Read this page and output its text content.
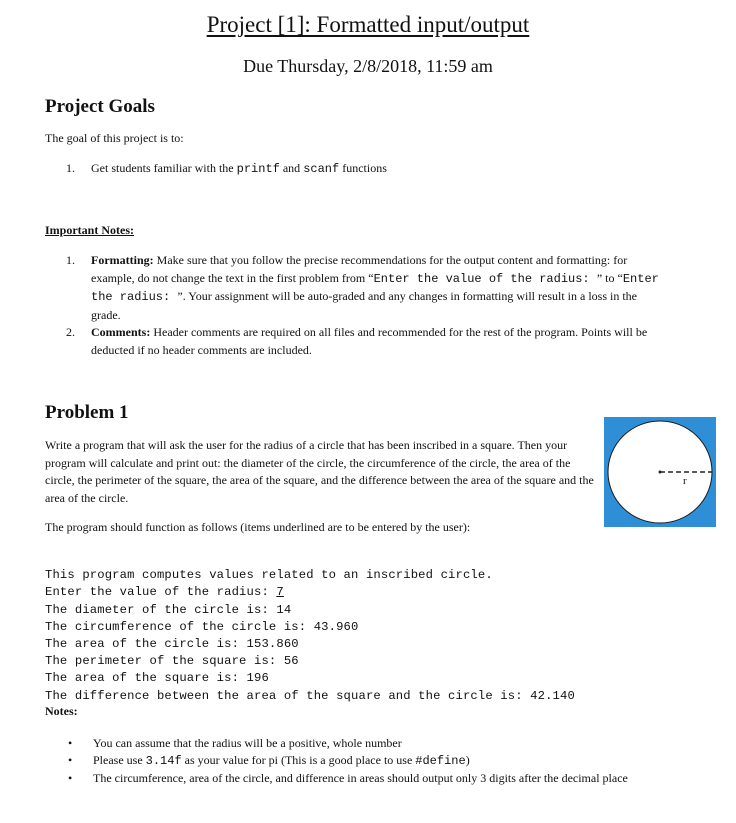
Project [1]: Formatted input/output
Due Thursday, 2/8/2018, 11:59 am
Project Goals
The goal of this project is to:
1. Get students familiar with the printf and scanf functions
Important Notes:
1. Formatting: Make sure that you follow the precise recommendations for the output content and formatting: for example, do not change the text in the first problem from “Enter the value of the radius: ” to “Enter the radius: ”. Your assignment will be auto-graded and any changes in formatting will result in a loss in the grade.
2. Comments: Header comments are required on all files and recommended for the rest of the program. Points will be deducted if no header comments are included.
Problem 1
Write a program that will ask the user for the radius of a circle that has been inscribed in a square. Then your program will calculate and print out: the diameter of the circle, the circumference of the circle, the area of the circle, the perimeter of the square, the area of the square, and the difference between the area of the square and the area of the circle.
r
The program should function as follows (items underlined are to be entered by the user):

This program computes values related to an inscribed circle.
Enter the value of the radius: 7
The diameter of the circle is: 14
The circumference of the circle is: 43.960
The area of the circle is: 153.860
The perimeter of the square is: 56
The area of the square is: 196
The difference between the area of the square and the circle is: 42.140

Notes:
• You can assume that the radius will be a positive, whole number
• Please use 3.14f as your value for pi (This is a good place to use #define)
• The circumference, area of the circle, and difference in areas should output only 3 digits after the decimal place
